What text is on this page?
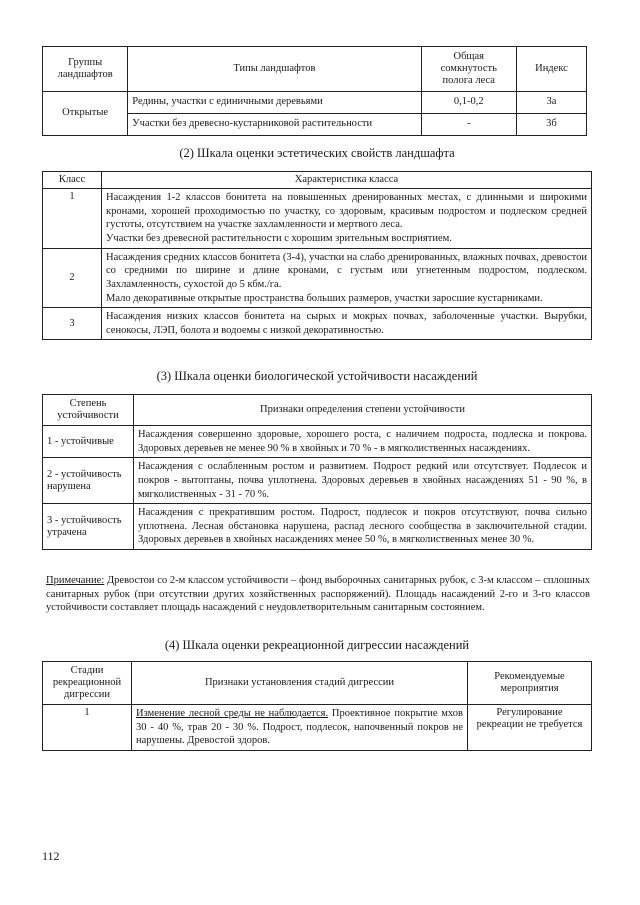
Группы ландшафтов	Типы ландшафтов	Общая сомкнутость полога леса	Индекс
Открытые	Редины, участки с единичными деревьями	0,1-0,2	3а
	Участки без древесно-кустарниковой растительности	-	3б
(2) Шкала оценки эстетических свойств ландшафта
Класс	Характеристика класса
1	Насаждения 1-2 классов бонитета на повышенных дренированных местах, с длинными и широкими кронами, хорошей проходимостью по участку, со здоровым, красивым подростом и подлеском средней густоты, отсутствием на участке захламленности и мертвого леса.
Участки без древесной растительности с хорошим зрительным восприятием.

2	Насаждения средних классов бонитета (3-4), участки на слабо дренированных, влажных почвах, древостои со средними по ширине и длине кронами, с густым или угнетенным подростом, подлеском. Захламленность, сухостой до 5 кбм./га.
Мало декоративные открытые пространства больших размеров, участки заросшие кустарниками.

3	Насаждения низких классов бонитета на сырых и мокрых почвах, заболоченные участки. Вырубки, сенокосы, ЛЭП, болота и водоемы с низкой декоративностью.
(3) Шкала оценки биологической устойчивости насаждений
Степень устойчивости	Признаки определения степени устойчивости
1 - устойчивые	Насаждения совершенно здоровые, хорошего роста, с наличием подроста, подлеска и покрова. Здоровых деревьев не менее 90 % в хвойных и 70 % - в мягколиственных насаждениях.
2 - устойчивость нарушена	Насаждения с ослабленным ростом и развитием. Подрост редкий или отсутствует. Подлесок и покров - вытоптаны, почва уплотнена. Здоровых деревьев в хвойных насаждениях 51 - 90 %, в мягколиственных - 31 - 70 %.
3 - устойчивость утрачена	Насаждения с прекратившим ростом. Подрост, подлесок и покров отсутствуют, почва сильно уплотнена. Лесная обстановка нарушена, распад лесного сообщества в заключительной стадии. Здоровых деревьев в хвойных насаждениях менее 50 %, в мягколиственных менее 30 %.
Примечание: Древостои со 2-м классом устойчивости – фонд выборочных санитарных рубок, с 3-м классом – сплошных санитарных рубок (при отсутствии других хозяйственных распоряжений). Площадь насаждений 2-го и 3-го классов устойчивости составляет площадь насаждений с неудовлетворительным санитарным состоянием.
(4) Шкала оценки рекреационной дигрессии насаждений
Стадии рекреационной дигрессии	Признаки установления стадий дигрессии	Рекомендуемые мероприятия
1	Изменение лесной среды не наблюдается. Проективное покрытие мхов 30 - 40 %, трав 20 - 30 %. Подрост, подлесок, напочвенный покров не нарушены. Древостой здоров.	Регулирование рекреации не требуется
112
